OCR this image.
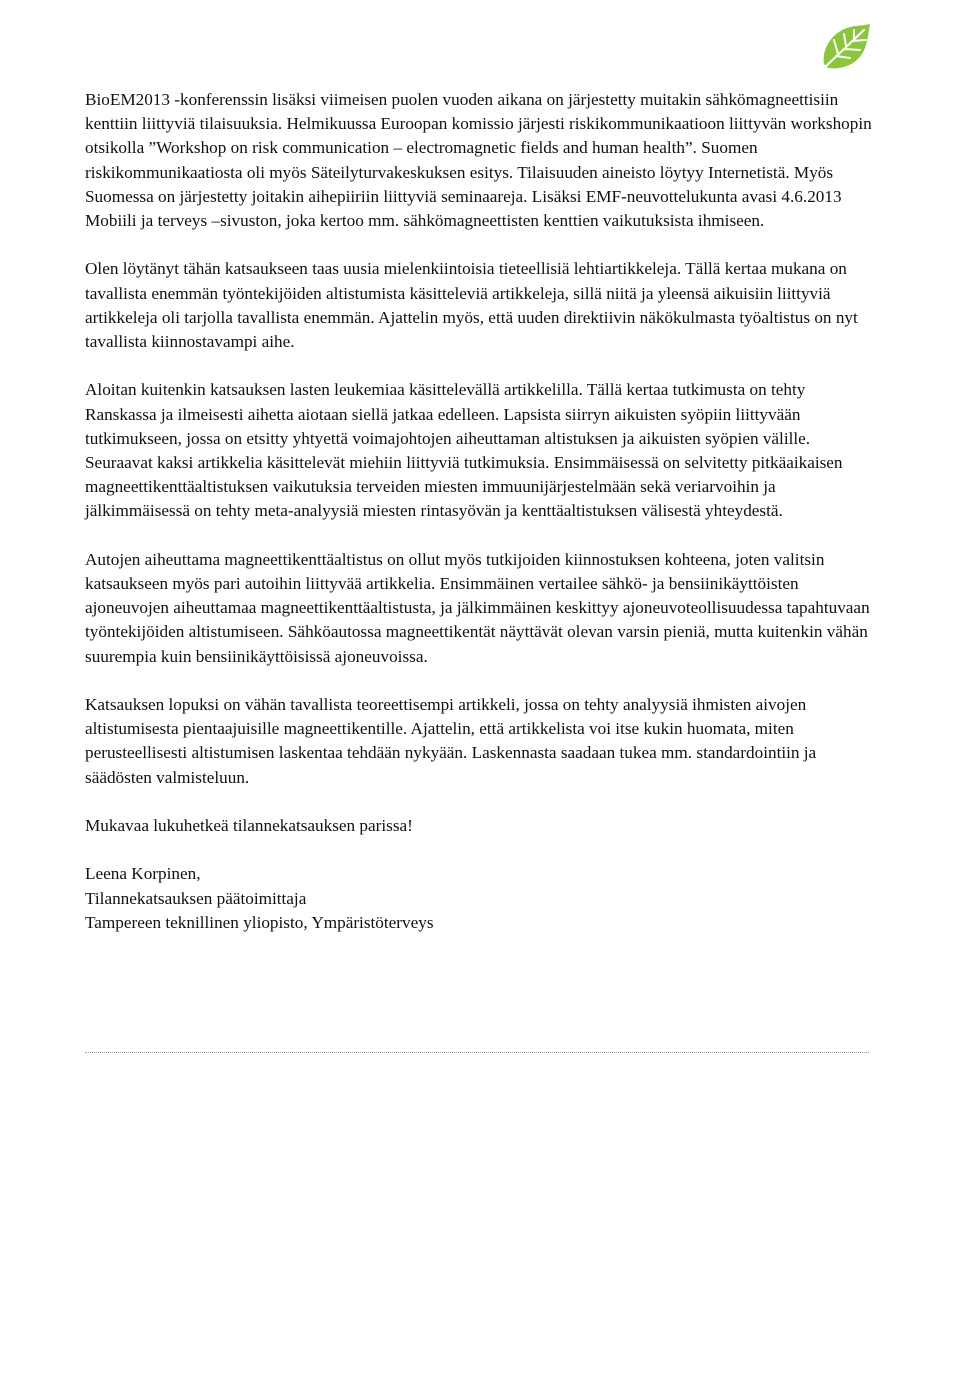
BioEM2013 -konferenssin lisäksi viimeisen puolen vuoden aikana on järjestetty muitakin sähkömagneettisiin kenttiin liittyviä tilaisuuksia. Helmikuussa Euroopan komissio järjesti riskikommunikaatioon liittyvän workshopin otsikolla ”Workshop on risk communication – electromagnetic fields and human health”. Suomen riskikommunikaatiosta oli myös Säteilyturvakeskuksen esitys. Tilaisuuden aineisto löytyy Internetistä. Myös Suomessa on järjestetty joitakin aihepiiriin liittyviä seminaareja. Lisäksi EMF-neuvottelukunta avasi 4.6.2013 Mobiili ja terveys –sivuston, joka kertoo mm. sähkömagneettisten kenttien vaikutuksista ihmiseen.

Olen löytänyt tähän katsaukseen taas uusia mielenkiintoisia tieteellisiä lehtiartikkeleja. Tällä kertaa mukana on tavallista enemmän työntekijöiden altistumista käsitteleviä artikkeleja, sillä niitä ja yleensä aikuisiin liittyviä artikkeleja oli tarjolla tavallista enemmän. Ajattelin myös, että uuden direktiivin näkökulmasta työaltistus on nyt tavallista kiinnostavampi aihe.

Aloitan kuitenkin katsauksen lasten leukemiaa käsittelevällä artikkelilla. Tällä kertaa tutkimusta on tehty Ranskassa ja ilmeisesti aihetta aiotaan siellä jatkaa edelleen. Lapsista siirryn aikuisten syöpiin liittyvään tutkimukseen, jossa on etsitty yhtyettä voimajohtojen aiheuttaman altistuksen ja aikuisten syöpien välille. Seuraavat kaksi artikkelia käsittelevät miehiin liittyviä tutkimuksia. Ensimmäisessä on selvitetty pitkäaikaisen magneettikenttäaltistuksen vaikutuksia terveiden miesten immuunijärjestelmään sekä veriarvoihin ja jälkimmäisessä on tehty meta-analyysiä miesten rintasyövän ja kenttäaltistuksen välisestä yhteydestä.

Autojen aiheuttama magneettikenttäaltistus on ollut myös tutkijoiden kiinnostuksen kohteena, joten valitsin katsaukseen myös pari autoihin liittyvää artikkelia. Ensimmäinen vertailee sähkö- ja bensiinikäyttöisten ajoneuvojen aiheuttamaa magneettikenttäaltistusta, ja jälkimmäinen keskittyy ajoneuvoteollisuudessa tapahtuvaan työntekijöiden altistumiseen. Sähköautossa magneettikentät näyttävät olevan varsin pieniä, mutta kuitenkin vähän suurempia kuin bensiinikäyttöisissä ajoneuvoissa.

Katsauksen lopuksi on vähän tavallista teoreettisempi artikkeli, jossa on tehty analyysiä ihmisten aivojen altistumisesta pientaajuisille magneettikentille. Ajattelin, että artikkelista voi itse kukin huomata, miten perusteellisesti altistumisen laskentaa tehdään nykyään. Laskennasta saadaan tukea mm. standardointiin ja säädösten valmisteluun.

Mukavaa lukuhetkeä tilannekatsauksen parissa!

Leena Korpinen,
Tilannekatsauksen päätoimittaja
Tampereen teknillinen yliopisto, Ympäristöterveys
